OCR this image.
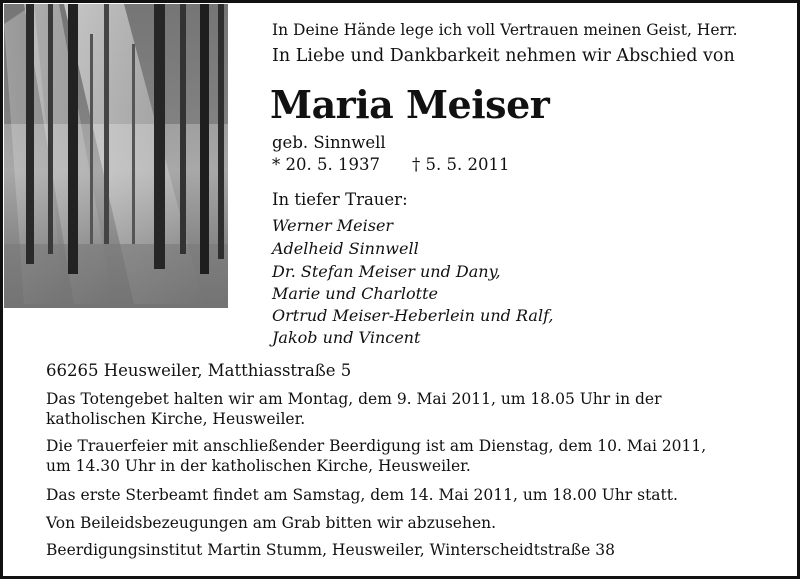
In Deine Hände lege ich voll Vertrauen meinen Geist, Herr.
In Liebe und Dankbarkeit nehmen wir Abschied von
Maria Meiser
geb. Sinnwell
* 20. 5. 1937 † 5. 5. 2011
In tiefer Trauer:
Werner Meiser
Adelheid Sinnwell
Dr. Stefan Meiser und Dany,
Marie und Charlotte
Ortrud Meiser-Heberlein und Ralf,
Jakob und Vincent
66265 Heusweiler, Matthiasstraße 5
Das Totengebet halten wir am Montag, dem 9. Mai 2011, um 18.05 Uhr in der
katholischen Kirche, Heusweiler.
Die Trauerfeier mit anschließender Beerdigung ist am Dienstag, dem 10. Mai 2011,
um 14.30 Uhr in der katholischen Kirche, Heusweiler.
Das erste Sterbeamt findet am Samstag, dem 14. Mai 2011, um 18.00 Uhr statt.
Von Beileidsbezeugungen am Grab bitten wir abzusehen.
Beerdigungsinstitut Martin Stumm, Heusweiler, Winterscheidtstraße 38
